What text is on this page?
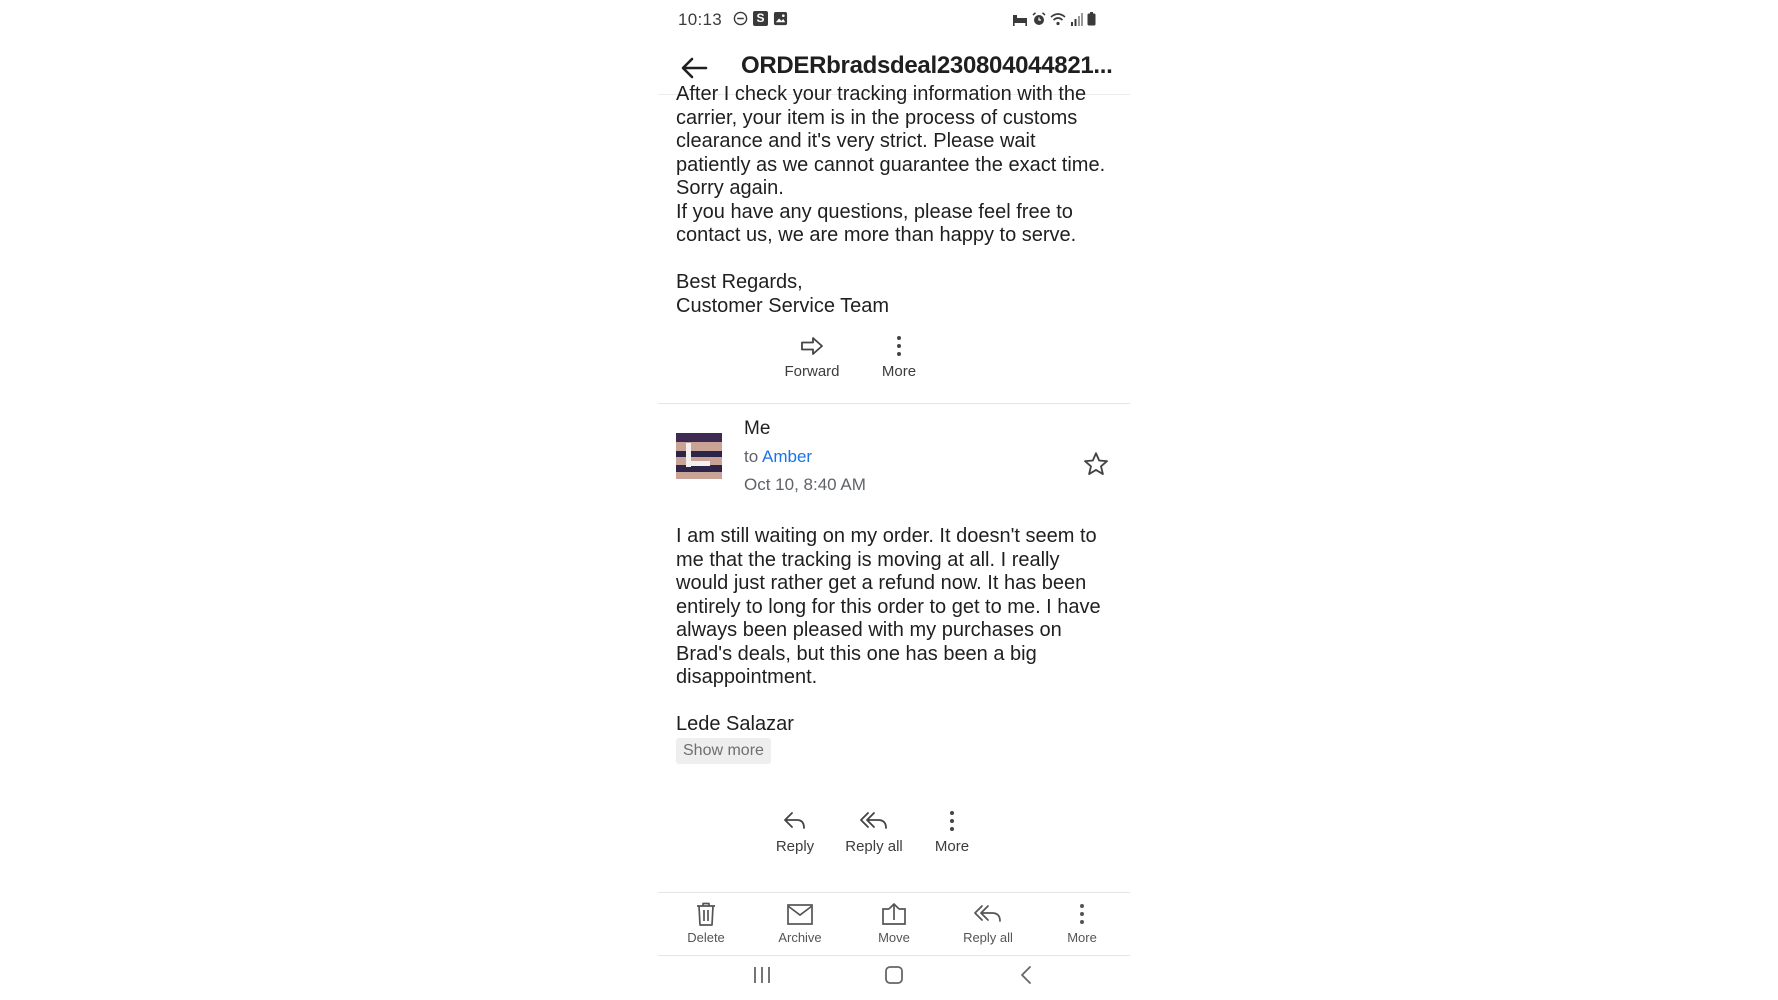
10:13	S
ORDERbradsdeal230804044821...

After I check your tracking information with the

carrier, your item is in the process of customs

clearance and it's very strict. Please wait

patiently as we cannot guarantee the exact time.

Sorry again.

If you have any questions, please feel free to

contact us, we are more than happy to serve.

Best Regards,

Customer Service Team

Forward	More
Me
to Amber
Oct 10, 8:40 AM

I am still waiting on my order. It doesn't seem to

me that the tracking is moving at all. I really

would just rather get a refund now. It has been

entirely to long for this order to get to me. I have

always been pleased with my purchases on

Brad's deals, but this one has been a big

disappointment.

Lede Salazar

Show more
Reply	Reply all	More
Delete	Archive	Move	Reply all	More
